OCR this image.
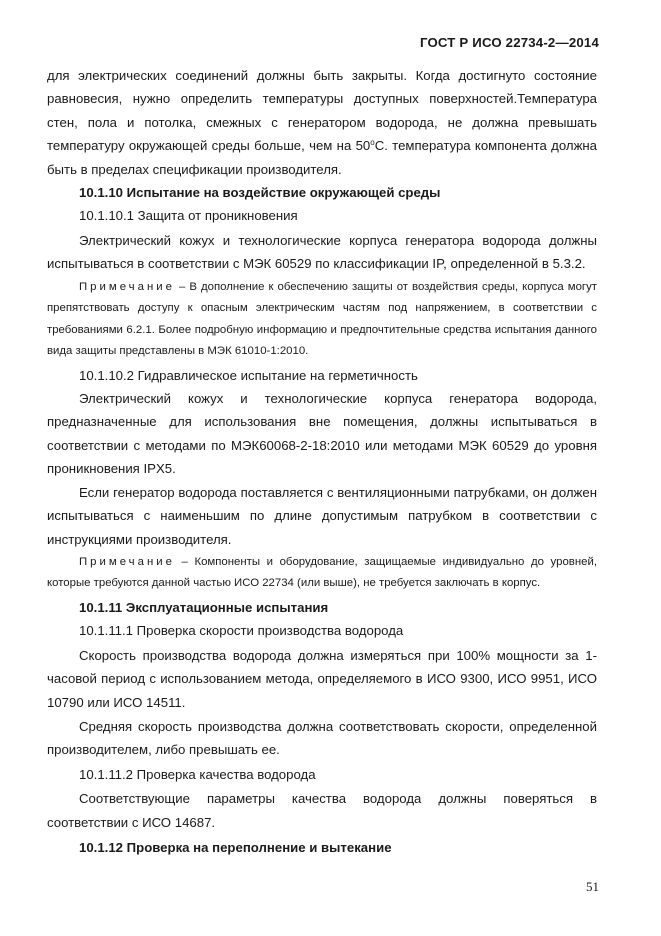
ГОСТ Р ИСО 22734-2—2014

для электрических соединений должны быть закрыты. Когда достигнуто состояние равновесия, нужно определить температуры доступных поверхностей.Температура стен, пола и потолка, смежных с генератором водорода, не должна превышать температуру окружающей среды больше, чем на $50^оС$. температура компонента должна быть в пределах спецификации производителя.

10.1.10 Испытание на воздействие окружающей среды

10.1.10.1 Защита от проникновения

Электрический кожух и технологические корпуса генератора водорода должны испытываться в соответствии с МЭК 60529 по классификации IP, определенной в 5.3.2.

Примечание – В дополнение к обеспечению защиты от воздействия среды, корпуса могут препятствовать доступу к опасным электрическим частям под напряжением, в соответствии с требованиями 6.2.1. Более подробную информацию и предпочтительные средства испытания данного вида защиты представлены в МЭК 61010-1:2010.

10.1.10.2 Гидравлическое испытание на герметичность

Электрический кожух и технологические корпуса генератора водорода, предназначенные для использования вне помещения, должны испытываться в соответствии с методами по МЭК60068-2-18:2010 или методами МЭК 60529 до уровня проникновения IPX5.

Если генератор водорода поставляется с вентиляционными патрубками, он должен испытываться с наименьшим по длине допустимым патрубком в соответствии с инструкциями производителя.

Примечание – Компоненты и оборудование, защищаемые индивидуально до уровней, которые требуются данной частью ИСО 22734 (или выше), не требуется заключать в корпус.

10.1.11 Эксплуатационные испытания

10.1.11.1 Проверка скорости производства водорода

Скорость производства водорода должна измеряться при 100% мощности за 1-часовой период с использованием метода, определяемого в ИСО 9300, ИСО 9951, ИСО 10790 или ИСО 14511.

Средняя скорость производства должна соответствовать скорости, определенной производителем, либо превышать ее.

10.1.11.2 Проверка качества водорода

Соответствующие параметры качества водорода должны поверяться в соответствии с ИСО 14687.

10.1.12 Проверка на переполнение и вытекание

51
